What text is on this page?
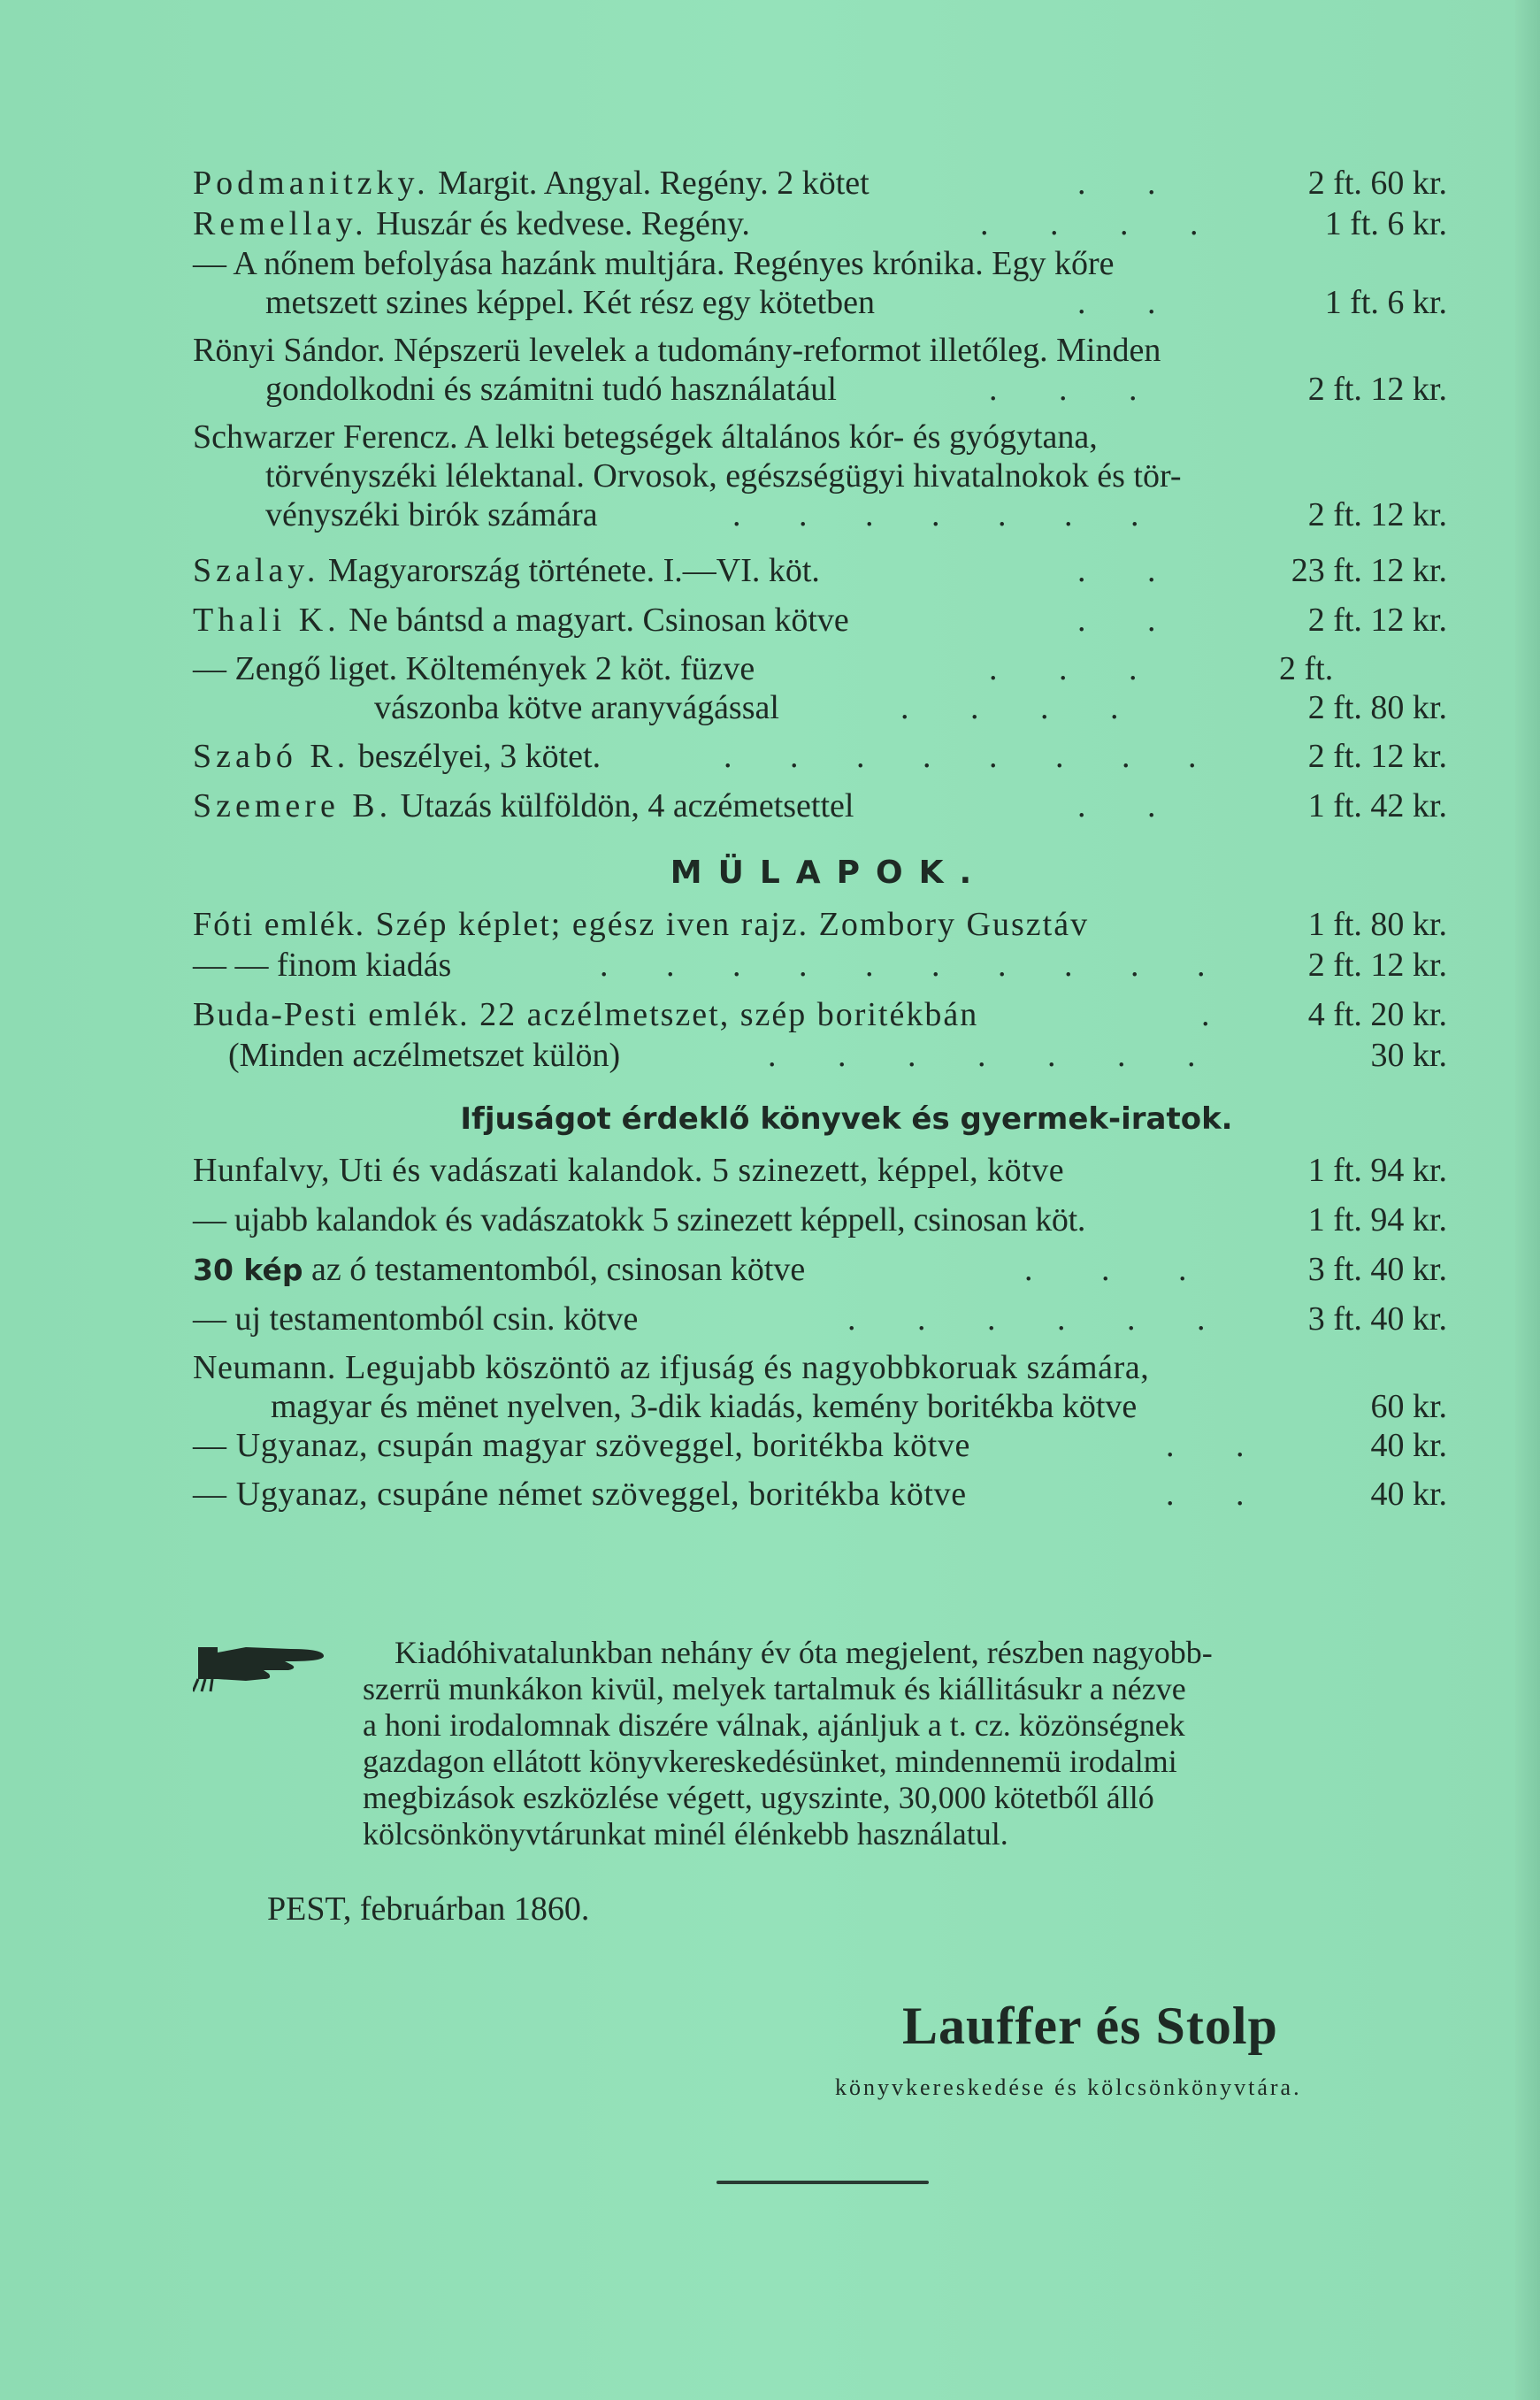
Podmanitzky. Margit. Angyal. Regény. 2 kötet	. .	2 ft. 60 kr.
Remellay. Huszár és kedvese. Regény.	. . . .	1 ft. 6 kr.
— A nőnem befolyása hazánk multjára. Regényes krónika. Egy kőre
metszett szines képpel. Két rész egy kötetben	. .	1 ft. 6 kr.
Rönyi Sándor. Népszerü levelek a tudomány-reformot illetőleg. Minden
gondolkodni és számitni tudó használatául	. . .	2 ft. 12 kr.
Schwarzer Ferencz. A lelki betegségek általános kór- és gyógytana,
törvényszéki lélektanal. Orvosok, egészségügyi hivatalnokok és tör-
vényszéki birók számára	. . . . . . .	2 ft. 12 kr.
Szalay. Magyarország története. I.—VI. köt.	. .	23 ft. 12 kr.
Thali K. Ne bántsd a magyart. Csinosan kötve	. .	2 ft. 12 kr.
— Zengő liget. Költemények 2 köt. füzve	. . .	2 ft.
vászonba kötve aranyvágással	. . . .	2 ft. 80 kr.
Szabó R. beszélyei, 3 kötet.	. . . . . . . .	2 ft. 12 kr.
Szemere B. Utazás külföldön, 4 aczémetsettel	. .	1 ft. 42 kr.
MÜLAPOK.
Fóti emlék. Szép képlet; egész iven rajz. Zombory Gusztáv	1 ft. 80 kr.
— — finom kiadás	. . . . . . . . . . 2 ft. 12 kr.
Buda-Pesti emlék. 22 aczélmetszet, szép boritékbán	.	4 ft. 20 kr.
(Minden aczélmetszet külön)	. . . . . . .	30 kr.
Ifjuságot érdeklő könyvek és gyermek-iratok.
Hunfalvy, Uti és vadászati kalandok. 5 szinezett, képpel, kötve	1 ft. 94 kr.
— ujabb kalandok és vadászatokk 5 szinezett képpell, csinosan köt.	1 ft. 94 kr.
30 kép az ó testamentomból, csinosan kötve	. . .	3 ft. 40 kr.
— uj testamentomból csin. kötve	. . . . . . 3 ft. 40 kr.
Neumann. Legujabb köszöntö az ifjuság és nagyobbkoruak számára,
magyar és mënet nyelven, 3-dik kiadás, kemény boritékba kötve	60 kr.
— Ugyanaz, csupán magyar szöveggel, boritékba kötve	. .	40 kr.
— Ugyanaz, csupáne német szöveggel, boritékba kötve	. .	40 kr.
Kiadóhivatalunkban nehány év óta megjelent, részben nagyobb-
szerrü munkákon kivül, melyek tartalmuk és kiállitásukr a nézve
a honi irodalomnak diszére válnak, ajánljuk a t. cz. közönségnek
gazdagon ellátott könyvkereskedésünket, mindennemü irodalmi
megbizások eszközlése végett, ugyszinte, 30,000 kötetből álló
kölcsönkönyvtárunkat minél élénkebb használatul.
PEST, februárban 1860.
Lauffer és Stolp
könyvkereskedése és kölcsönkönyvtára.
